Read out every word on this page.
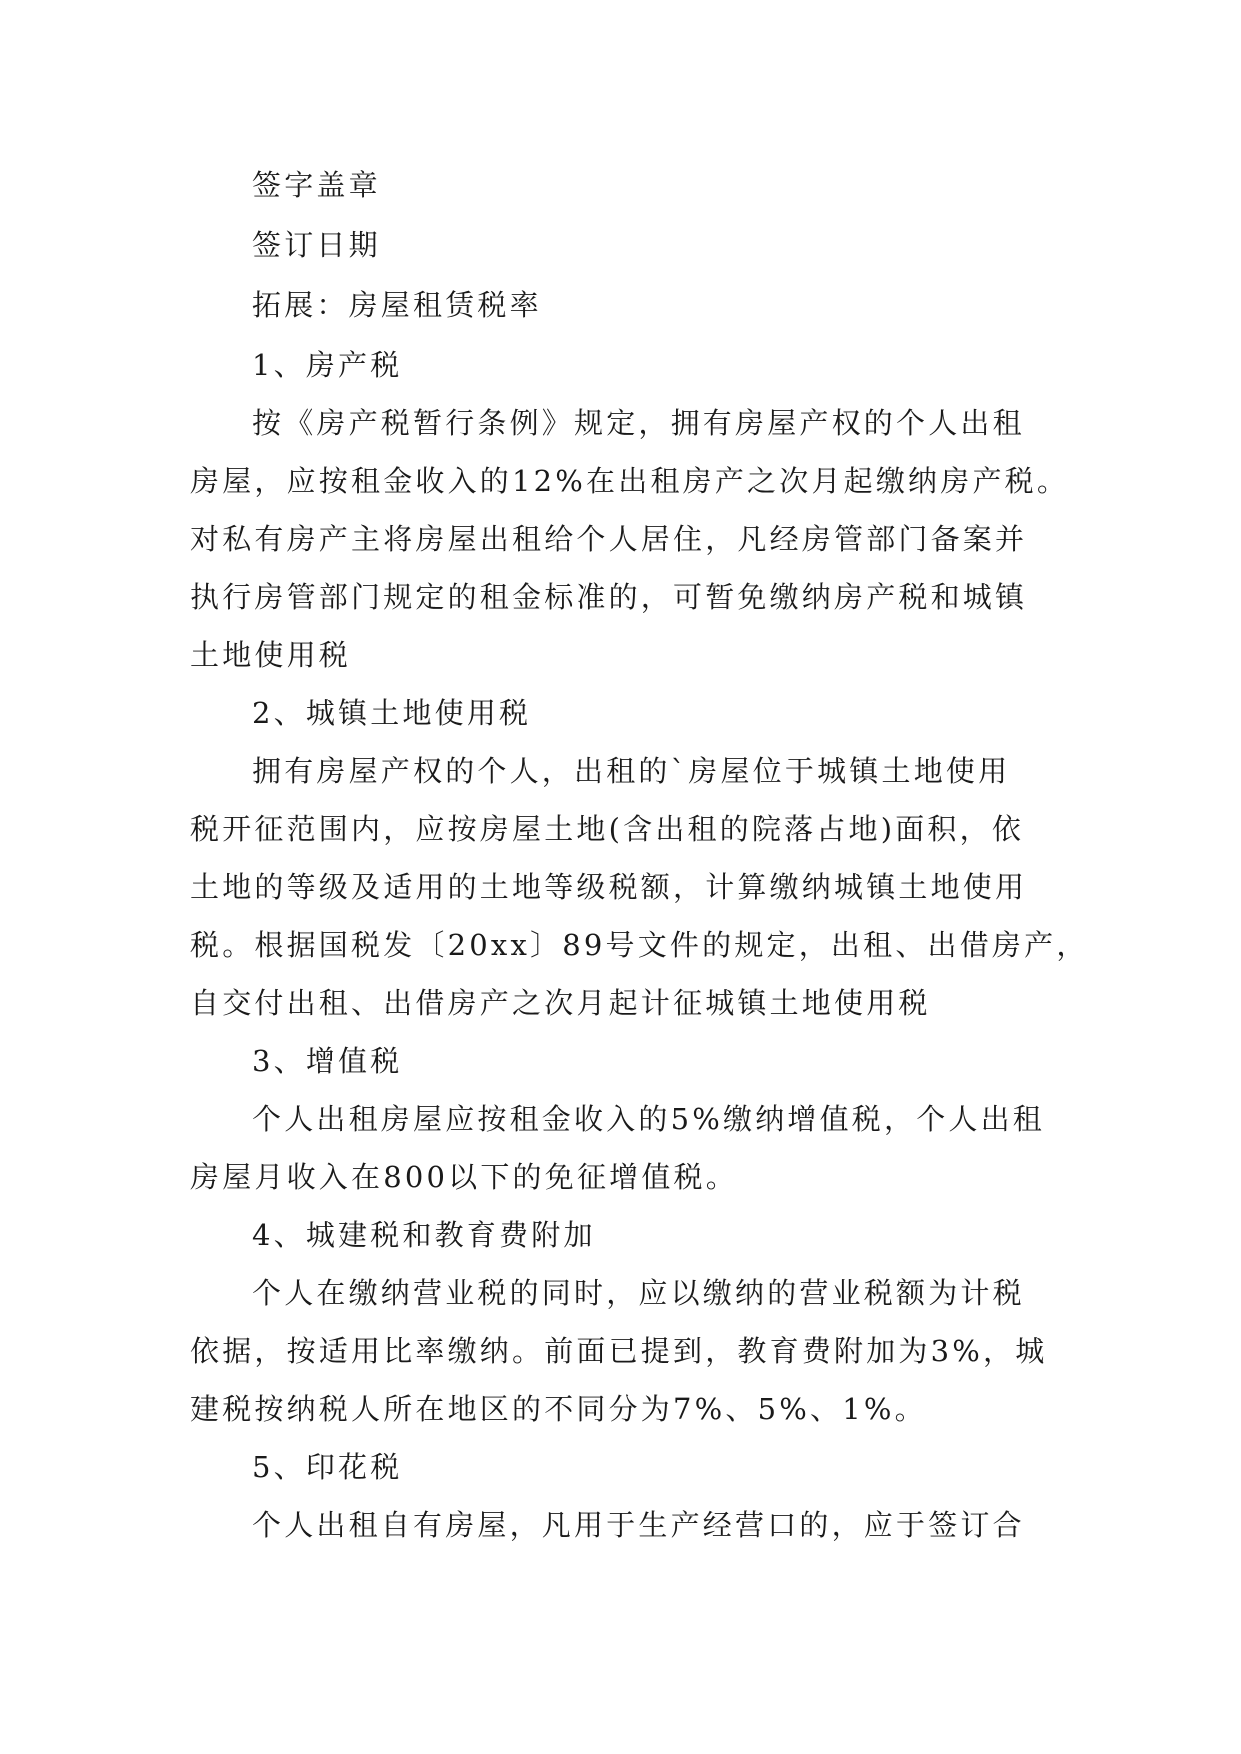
签字盖章
签订日期
拓展：房屋租赁税率
1、房产税
按《房产税暂行条例》规定，拥有房屋产权的个人出租
房屋，应按租金收入的12%在出租房产之次月起缴纳房产税。
对私有房产主将房屋出租给个人居住，凡经房管部门备案并
执行房管部门规定的租金标准的，可暂免缴纳房产税和城镇
土地使用税
2、城镇土地使用税
拥有房屋产权的个人，出租的`房屋位于城镇土地使用
税开征范围内，应按房屋土地(含出租的院落占地)面积，依
土地的等级及适用的土地等级税额，计算缴纳城镇土地使用
税。根据国税发〔20xx〕89号文件的规定，出租、出借房产，
自交付出租、出借房产之次月起计征城镇土地使用税
3、增值税
个人出租房屋应按租金收入的5%缴纳增值税，个人出租
房屋月收入在800以下的免征增值税。
4、城建税和教育费附加
个人在缴纳营业税的同时，应以缴纳的营业税额为计税
依据，按适用比率缴纳。前面已提到，教育费附加为3%，城
建税按纳税人所在地区的不同分为7%、5%、1%。
5、印花税
个人出租自有房屋，凡用于生产经营口的，应于签订合
